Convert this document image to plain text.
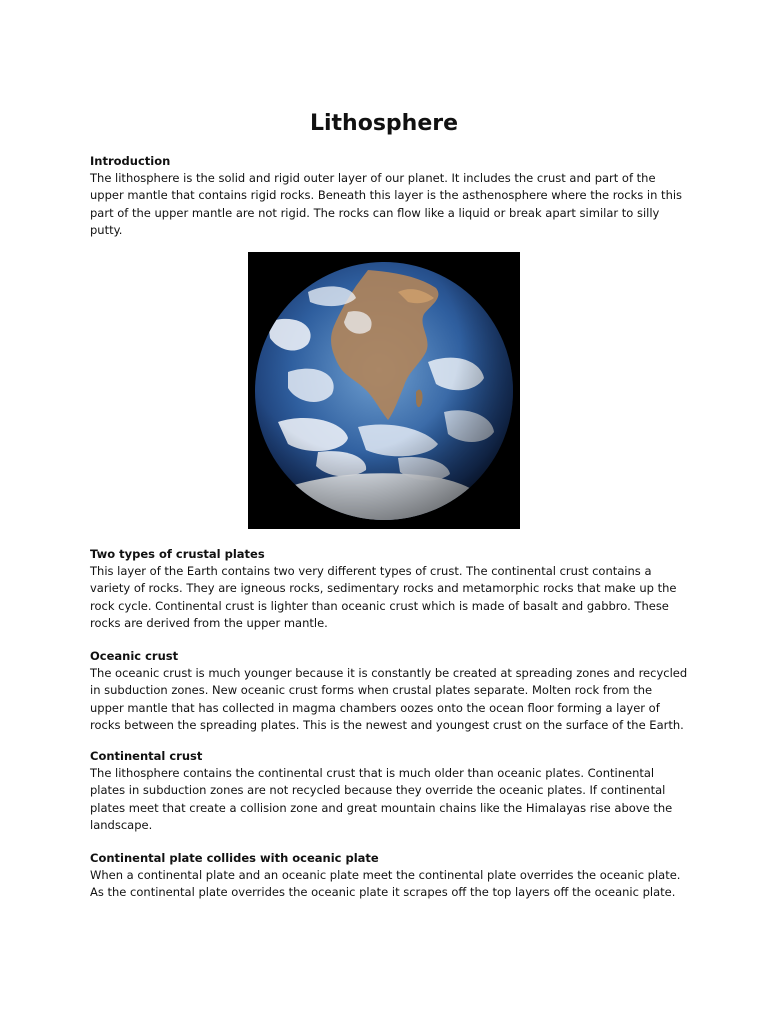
Lithosphere
Introduction

The lithosphere is the solid and rigid outer layer of our planet. It includes the crust and part of the
upper mantle that contains rigid rocks. Beneath this layer is the asthenosphere where the rocks in this
part of the upper mantle are not rigid. The rocks can flow like a liquid or break apart similar to silly
putty.

Two types of crustal plates

This layer of the Earth contains two very different types of crust. The continental crust contains a
variety of rocks. They are igneous rocks, sedimentary rocks and metamorphic rocks that make up the
rock cycle. Continental crust is lighter than oceanic crust which is made of basalt and gabbro. These
rocks are derived from the upper mantle.

Oceanic crust

The oceanic crust is much younger because it is constantly be created at spreading zones and recycled
in subduction zones. New oceanic crust forms when crustal plates separate. Molten rock from the
upper mantle that has collected in magma chambers oozes onto the ocean floor forming a layer of
rocks between the spreading plates. This is the newest and youngest crust on the surface of the Earth.

Continental crust

The lithosphere contains the continental crust that is much older than oceanic plates. Continental
plates in subduction zones are not recycled because they override the oceanic plates. If continental
plates meet that create a collision zone and great mountain chains like the Himalayas rise above the
landscape.

Continental plate collides with oceanic plate

When a continental plate and an oceanic plate meet the continental plate overrides the oceanic plate.
As the continental plate overrides the oceanic plate it scrapes off the top layers off the oceanic plate.
